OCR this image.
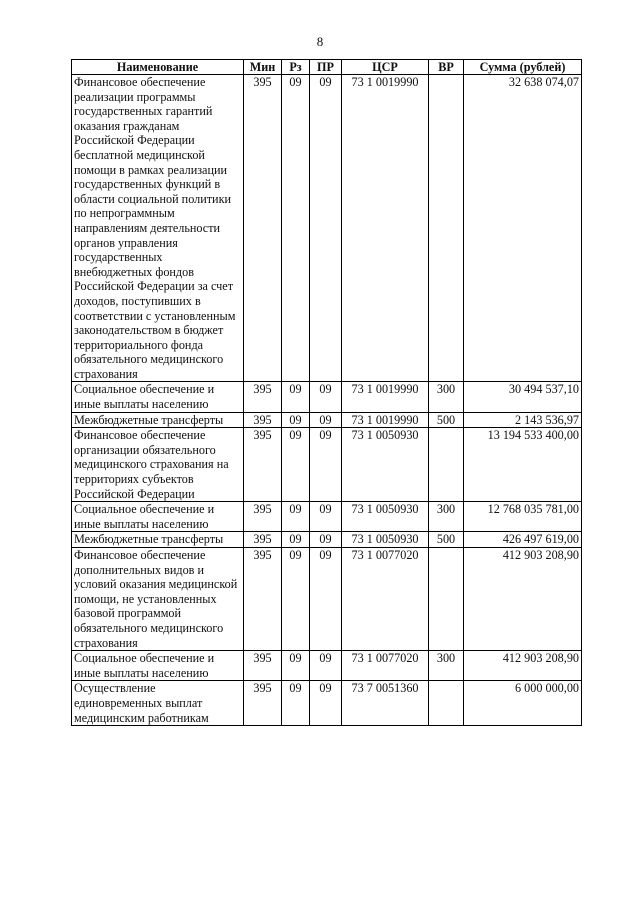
8
Наименование	Мин	Рз	ПР	ЦСР	ВР	Сумма (рублей)
Финансовое обеспечение реализации программы государственных гарантий оказания гражданам Российской Федерации бесплатной медицинской помощи в рамках реализации государственных функций в области социальной политики по непрограммным направлениям деятельности органов управления государственных внебюджетных фондов Российской Федерации за счет доходов, поступивших в соответствии с установленным законодательством в бюджет территориального фонда обязательного медицинского страхования	395	09	09	73 1 0019990		32 638 074,07
Социальное обеспечение и иные выплаты населению	395	09	09	73 1 0019990	300	30 494 537,10
Межбюджетные трансферты	395	09	09	73 1 0019990	500	2 143 536,97
Финансовое обеспечение организации обязательного медицинского страхования на территориях субъектов Российской Федерации	395	09	09	73 1 0050930		13 194 533 400,00
Социальное обеспечение и иные выплаты населению	395	09	09	73 1 0050930	300	12 768 035 781,00
Межбюджетные трансферты	395	09	09	73 1 0050930	500	426 497 619,00
Финансовое обеспечение дополнительных видов и условий оказания медицинской помощи, не установленных базовой программой обязательного медицинского страхования	395	09	09	73 1 0077020		412 903 208,90
Социальное обеспечение и иные выплаты населению	395	09	09	73 1 0077020	300	412 903 208,90
Осуществление единовременных выплат медицинским работникам	395	09	09	73 7 0051360		6 000 000,00
